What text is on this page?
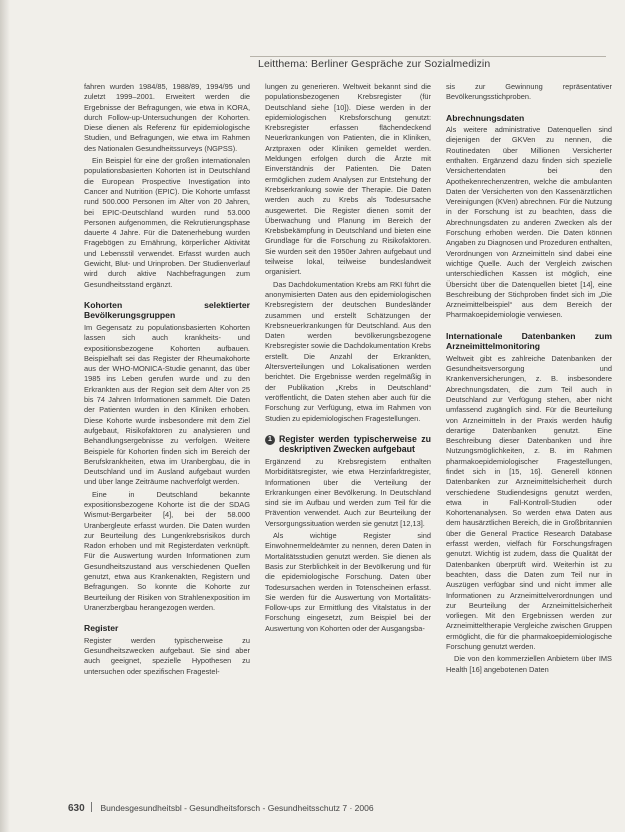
Leitthema: Berliner Gespräche zur Sozialmedizin

fahren wurden 1984/85, 1988/89, 1994/95 und zuletzt 1999–2001. Erweitert werden die Ergebnisse der Befragungen, wie etwa in KORA, durch Follow-up-Untersuchungen der Kohorten. Diese dienen als Referenz für epidemiologische Studien, und Befragungen, wie etwa im Rahmen des Nationalen Gesundheitssurveys (NGPSS).

Ein Beispiel für eine der großen internationalen populationsbasierten Kohorten ist in Deutschland die European Prospective Investigation into Cancer and Nutrition (EPIC). Die Kohorte umfasst rund 500.000 Personen im Alter von 20 Jahren, bei EPIC-Deutschland wurden rund 53.000 Personen aufgenommen, die Rekrutierungsphase dauerte 4 Jahre. Für die Datenerhebung wurden Fragebögen zu Ernährung, körperlicher Aktivität und Lebensstil verwendet. Erfasst wurden auch Gewicht, Blut- und Urinproben. Der Studienverlauf wird durch aktive Nachbefragungen zum Gesundheitsstand ergänzt.

Kohorten selektierter Bevölkerungsgruppen

Im Gegensatz zu populationsbasierten Kohorten lassen sich auch krankheits- und expositionsbezogene Kohorten aufbauen. Beispielhaft sei das Register der Rheumakohorte aus der WHO-MONICA-Studie genannt, das über 1985 ins Leben gerufen wurde und zu den Erkrankten aus der Region seit dem Alter von 25 bis 74 Jahren Informationen sammelt. Die Daten der Patienten wurden in den Kliniken erhoben. Diese Kohorte wurde insbesondere mit dem Ziel aufgebaut, Risikofaktoren zu analysieren und Behandlungsergebnisse zu verfolgen. Weitere Beispiele für Kohorten finden sich im Bereich der Berufskrankheiten, etwa im Uranbergbau, die in Deutschland und im Ausland aufgebaut wurden und über lange Zeiträume nachverfolgt werden.

Eine in Deutschland bekannte expositionsbezogene Kohorte ist die der SDAG Wismut-Bergarbeiter [4], bei der 58.000 Uranbergleute erfasst wurden. Die Daten wurden zur Beurteilung des Lungenkrebsrisikos durch Radon erhoben und mit Registerdaten verknüpft. Für die Auswertung wurden Informationen zum Gesundheitszustand aus verschiedenen Quellen genutzt, etwa aus Krankenakten, Registern und Befragungen. So konnte die Kohorte zur Beurteilung der Risiken von Strahlenexposition im Uranerzbergbau herangezogen werden.

Register

Register werden typischerweise zu Gesundheitszwecken aufgebaut. Sie sind aber auch geeignet, spezielle Hypothesen zu untersuchen oder spezifischen Fragestel-

lungen zu generieren. Weltweit bekannt sind die populationsbezogenen Krebsregister (für Deutschland siehe [10]). Diese werden in der epidemiologischen Krebsforschung genutzt: Krebsregister erfassen flächendeckend Neuerkrankungen von Patienten, die in Kliniken, Arztpraxen oder Kliniken gemeldet werden. Meldungen erfolgen durch die Ärzte mit Einverständnis der Patienten. Die Daten ermöglichen zudem Analysen zur Entstehung der Krebserkrankung sowie der Therapie. Die Daten werden auch zu Krebs als Todesursache ausgewertet. Die Register dienen somit der Überwachung und Planung im Bereich der Krebsbekämpfung in Deutschland und bieten eine Grundlage für die Forschung zu Risikofaktoren. Sie wurden seit den 1950er Jahren aufgebaut und teilweise lokal, teilweise bundeslandweit organisiert.

Das Dachdokumentation Krebs am RKI führt die anonymisierten Daten aus den epidemiologischen Krebsregistern der deutschen Bundesländer zusammen und erstellt Schätzungen der Krebsneuerkrankungen für Deutschland. Aus den Daten werden bevölkerungsbezogene Krebsregister sowie die Dachdokumentation Krebs erstellt. Die Anzahl der Erkrankten, Altersverteilungen und Lokalisationen werden berichtet. Die Ergebnisse werden regelmäßig in der Publikation „Krebs in Deutschland“ veröffentlicht, die Daten stehen aber auch für die Forschung zur Verfügung, etwa im Rahmen von Studien zu epidemiologischen Fragestellungen.

1 Register werden typischerweise zu deskriptiven Zwecken aufgebaut

Ergänzend zu Krebsregistern enthalten Morbiditätsregister, wie etwa Herzinfarktregister, Informationen über die Verteilung der Erkrankungen einer Bevölkerung. In Deutschland sind sie im Aufbau und werden zum Teil für die Prävention verwendet. Auch zur Beurteilung der Versorgungssituation werden sie genutzt [12,13].

Als wichtige Register sind Einwohnermeldeämter zu nennen, deren Daten in Mortalitätsstudien genutzt werden. Sie dienen als Basis zur Sterblichkeit in der Bevölkerung und für die epidemiologische Forschung. Daten über Todesursachen werden in Totenscheinen erfasst. Sie werden für die Auswertung von Mortalitäts-Follow-ups zur Ermittlung des Vitalstatus in der Forschung eingesetzt, zum Beispiel bei der Auswertung von Kohorten oder der Ausgangsba-

sis zur Gewinnung repräsentativer Bevölkerungsstichproben.

Abrechnungsdaten

Als weitere administrative Datenquellen sind diejenigen der GKVen zu nennen, die Routinedaten über Millionen Versicherter enthalten. Ergänzend dazu finden sich spezielle Versichertendaten bei den Apothekenrechenzentren, welche die ambulanten Daten der Versicherten von den Kassenärztlichen Vereinigungen (KVen) abrechnen. Für die Nutzung in der Forschung ist zu beachten, dass die Abrechnungsdaten zu anderen Zwecken als der Forschung erhoben werden. Die Daten können Angaben zu Diagnosen und Prozeduren enthalten, Verordnungen von Arzneimitteln sind dabei eine wichtige Quelle. Auch der Vergleich zwischen unterschiedlichen Kassen ist möglich, eine Übersicht über die Datenquellen bietet [14], eine Beschreibung der Stichproben findet sich im „Die Arzneimittelbeispiel“ aus dem Bereich der Pharmakoepidemiologie verwiesen.

Internationale Datenbanken zum Arzneimittelmonitoring

Weltweit gibt es zahlreiche Datenbanken der Gesundheitsversorgung und Krankenversicherungen, z. B. insbesondere Abrechnungsdaten, die zum Teil auch in Deutschland zur Verfügung stehen, aber nicht umfassend zugänglich sind. Für die Beurteilung von Arzneimitteln in der Praxis werden häufig derartige Datenbanken genutzt. Eine Beschreibung dieser Datenbanken und ihre Nutzungsmöglichkeiten, z. B. im Rahmen pharmakoepidemiologischer Fragestellungen, findet sich in [15, 16]. Generell können Datenbanken zur Arzneimittelsicherheit durch verschiedene Studiendesigns genutzt werden, etwa in Fall-Kontroll-Studien oder Kohortenanalysen. So werden etwa Daten aus dem hausärztlichen Bereich, die in Großbritannien über die General Practice Research Database erfasst werden, vielfach für Forschungsfragen genutzt. Wichtig ist zudem, dass die Qualität der Datenbanken überprüft wird. Weiterhin ist zu beachten, dass die Daten zum Teil nur in Auszügen verfügbar sind und nicht immer alle Informationen zu Arzneimittelverordnungen und zur Beurteilung der Arzneimittelsicherheit vorliegen. Mit den Ergebnissen werden zur Arzneimitteltherapie Vergleiche zwischen Gruppen ermöglicht, die für die pharmakoepidemiologische Forschung genutzt werden.

Die von den kommerziellen Anbietern über IMS Health [16] angebotenen Daten

630 Bundesgesundheitsbl - Gesundheitsforsch - Gesundheitsschutz 7 · 2006
